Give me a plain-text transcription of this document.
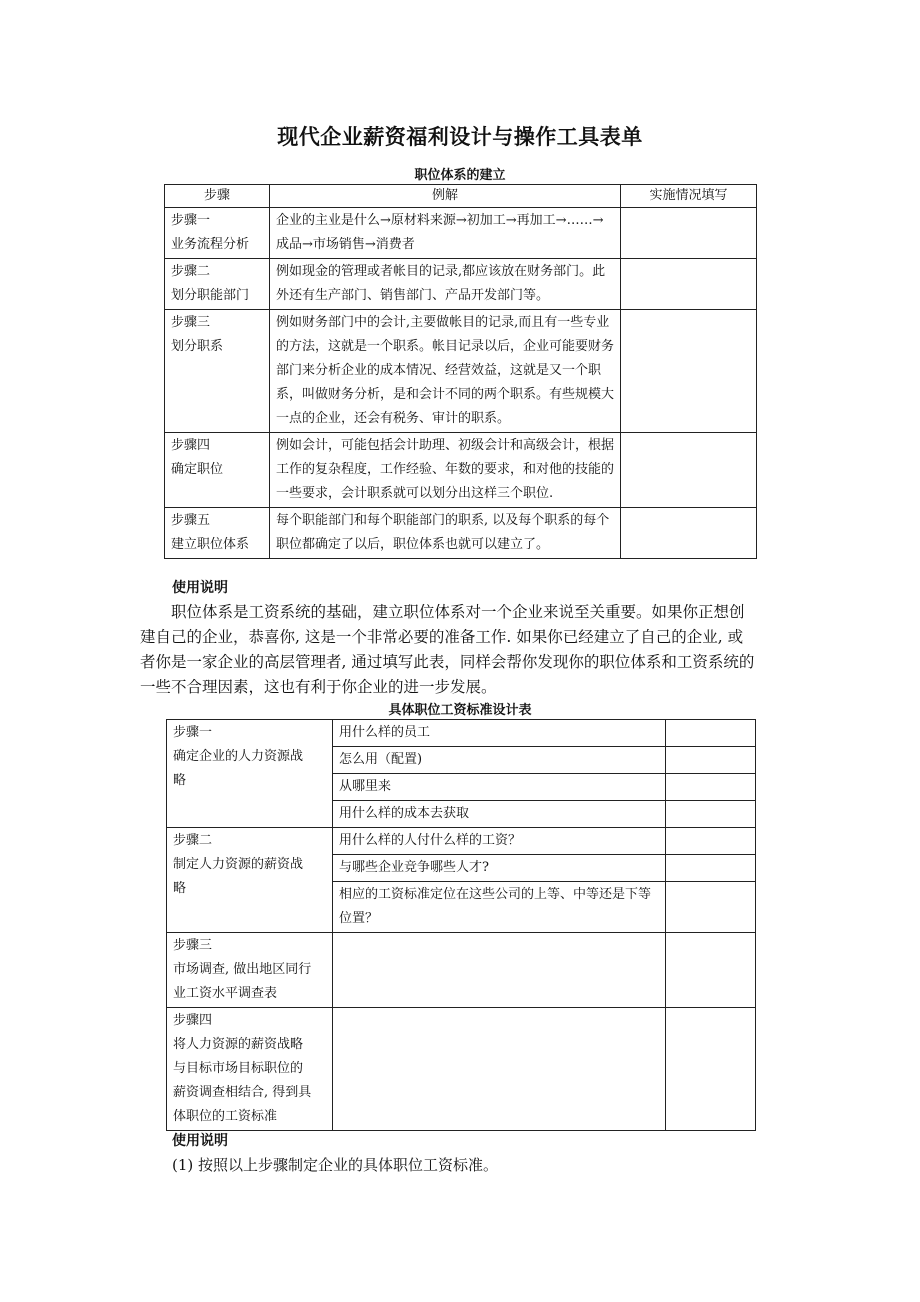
现代企业薪资福利设计与操作工具表单
职位体系的建立
步骤	例解	实施情况填写

步骤一
业务流程分析	企业的主业是什么→原材料来源→初加工→再加工→……→成品→市场销售→消费者	

步骤二
划分职能部门	例如现金的管理或者帐目的记录,都应该放在财务部门。此外还有生产部门、销售部门、产品开发部门等。	

步骤三
划分职系	例如财务部门中的会计,主要做帐目的记录,而且有一些专业的方法，这就是一个职系。帐目记录以后，企业可能要财务部门来分析企业的成本情况、经营效益，这就是又一个职系，叫做财务分析，是和会计不同的两个职系。有些规模大一点的企业，还会有税务、审计的职系。	

步骤四
确定职位	例如会计，可能包括会计助理、初级会计和高级会计，根据工作的复杂程度，工作经验、年数的要求，和对他的技能的一些要求，会计职系就可以划分出这样三个职位.	

步骤五
建立职位体系	每个职能部门和每个职能部门的职系, 以及每个职系的每个职位都确定了以后，职位体系也就可以建立了。	
使用说明
职位体系是工资系统的基础，建立职位体系对一个企业来说至关重要。如果你正想创建自己的企业，恭喜你, 这是一个非常必要的准备工作. 如果你已经建立了自己的企业, 或者你是一家企业的高层管理者, 通过填写此表，同样会帮你发现你的职位体系和工资系统的一些不合理因素，这也有利于你企业的进一步发展。
具体职位工资标准设计表
步骤一
确定企业的人力资源战
略	用什么样的员工	
	怎么用（配置)	
	从哪里来	
	用什么样的成本去获取	

步骤二
制定人力资源的薪资战
略	用什么样的人付什么样的工资？	
	与哪些企业竞争哪些人才?	
	相应的工资标准定位在这些公司的上等、中等还是下等位置？	

步骤三
市场调查, 做出地区同行
业工资水平调查表		

步骤四
将人力资源的薪资战略
与目标市场目标职位的
薪资调查相结合, 得到具
体职位的工资标准		

使用说明
(1) 按照以上步骤制定企业的具体职位工资标准。
